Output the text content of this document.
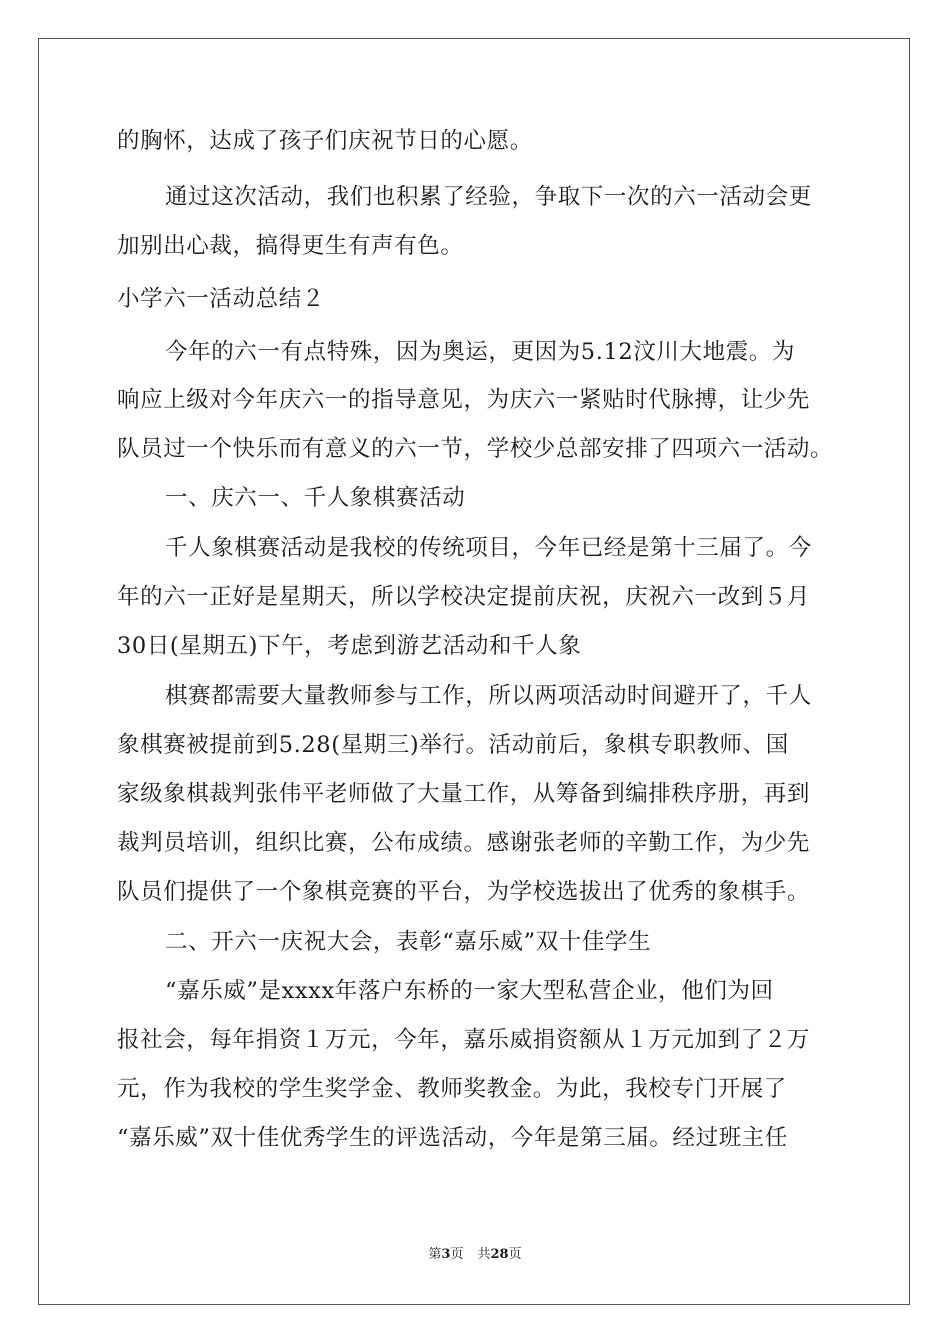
的胸怀，达成了孩子们庆祝节日的心愿。
通过这次活动，我们也积累了经验，争取下一次的六一活动会更
加别出心裁，搞得更生有声有色。
小学六一活动总结２
今年的六一有点特殊，因为奥运，更因为5.12汶川大地震。为
响应上级对今年庆六一的指导意见，为庆六一紧贴时代脉搏，让少先
队员过一个快乐而有意义的六一节，学校少总部安排了四项六一活动。
一、庆六一、千人象棋赛活动
千人象棋赛活动是我校的传统项目，今年已经是第十三届了。今
年的六一正好是星期天，所以学校决定提前庆祝，庆祝六一改到５月
30日(星期五)下午，考虑到游艺活动和千人象
棋赛都需要大量教师参与工作，所以两项活动时间避开了，千人
象棋赛被提前到5.28(星期三)举行。活动前后，象棋专职教师、国
家级象棋裁判张伟平老师做了大量工作，从筹备到编排秩序册，再到
裁判员培训，组织比赛，公布成绩。感谢张老师的辛勤工作，为少先
队员们提供了一个象棋竞赛的平台，为学校选拔出了优秀的象棋手。
二、开六一庆祝大会，表彰“嘉乐威”双十佳学生
“嘉乐威”是xxxx年落户东桥的一家大型私营企业，他们为回
报社会，每年捐资１万元，今年，嘉乐威捐资额从１万元加到了２万
元，作为我校的学生奖学金、教师奖教金。为此，我校专门开展了
“嘉乐威”双十佳优秀学生的评选活动，今年是第三届。经过班主任
第3页 共28页
